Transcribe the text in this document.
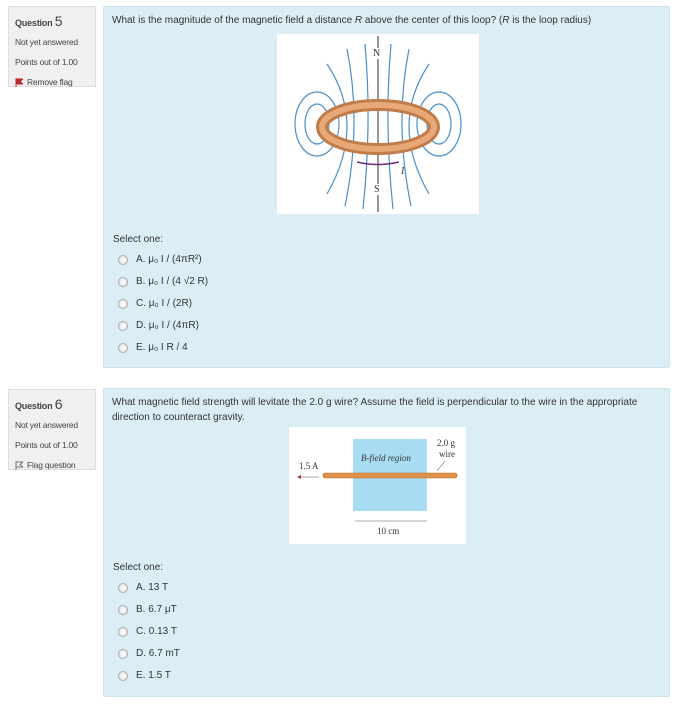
Question 5
Not yet answered
Points out of 1.00
Remove flag
What is the magnitude of the magnetic field a distance R above the center of this loop? (R is the loop radius)
N
S
I
Select one:
A. μ₀ I / (4πR²)
B. μ₀ I / (4 √2 R)
C. μ₀ I / (2R)
D. μ₀ I / (4πR)
E. μ₀ I R / 4
Question 6
Not yet answered
Points out of 1.00
Flag question
What magnetic field strength will levitate the 2.0 g wire? Assume the field is perpendicular to the wire in the appropriate direction to counteract gravity.
1.5 A
B-field region
2.0 g
wire
10 cm
Select one:
A. 13 T
B. 6.7 μT
C. 0.13 T
D. 6.7 mT
E. 1.5 T
